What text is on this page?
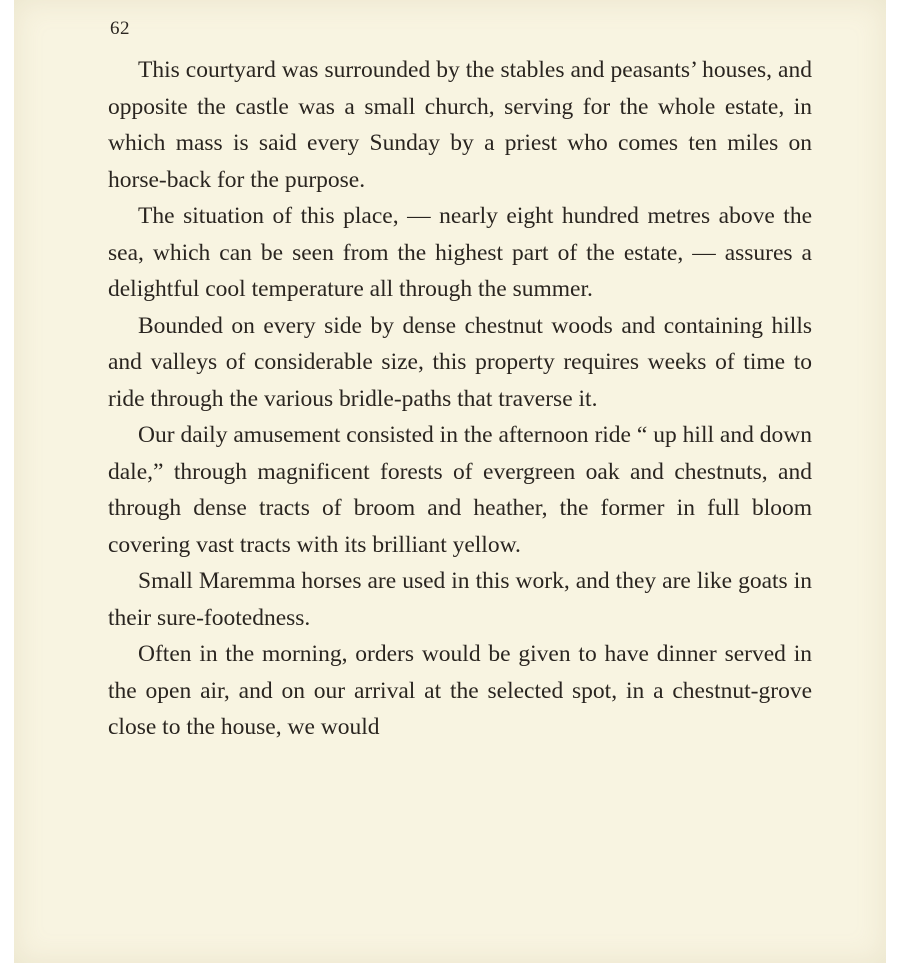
62

This courtyard was surrounded by the stables and peasants’ houses, and opposite the castle was a small church, serving for the whole estate, in which mass is said every Sunday by a priest who comes ten miles on horse-back for the purpose.

The situation of this place, — nearly eight hundred metres above the sea, which can be seen from the highest part of the estate, — assures a delightful cool temperature all through the summer.

Bounded on every side by dense chestnut woods and containing hills and valleys of considerable size, this property requires weeks of time to ride through the various bridle-paths that traverse it.

Our daily amusement consisted in the afternoon ride “ up hill and down dale,” through magnificent forests of evergreen oak and chestnuts, and through dense tracts of broom and heather, the former in full bloom covering vast tracts with its brilliant yellow.

Small Maremma horses are used in this work, and they are like goats in their sure-footedness.

Often in the morning, orders would be given to have dinner served in the open air, and on our arrival at the selected spot, in a chestnut-grove close to the house, we would
